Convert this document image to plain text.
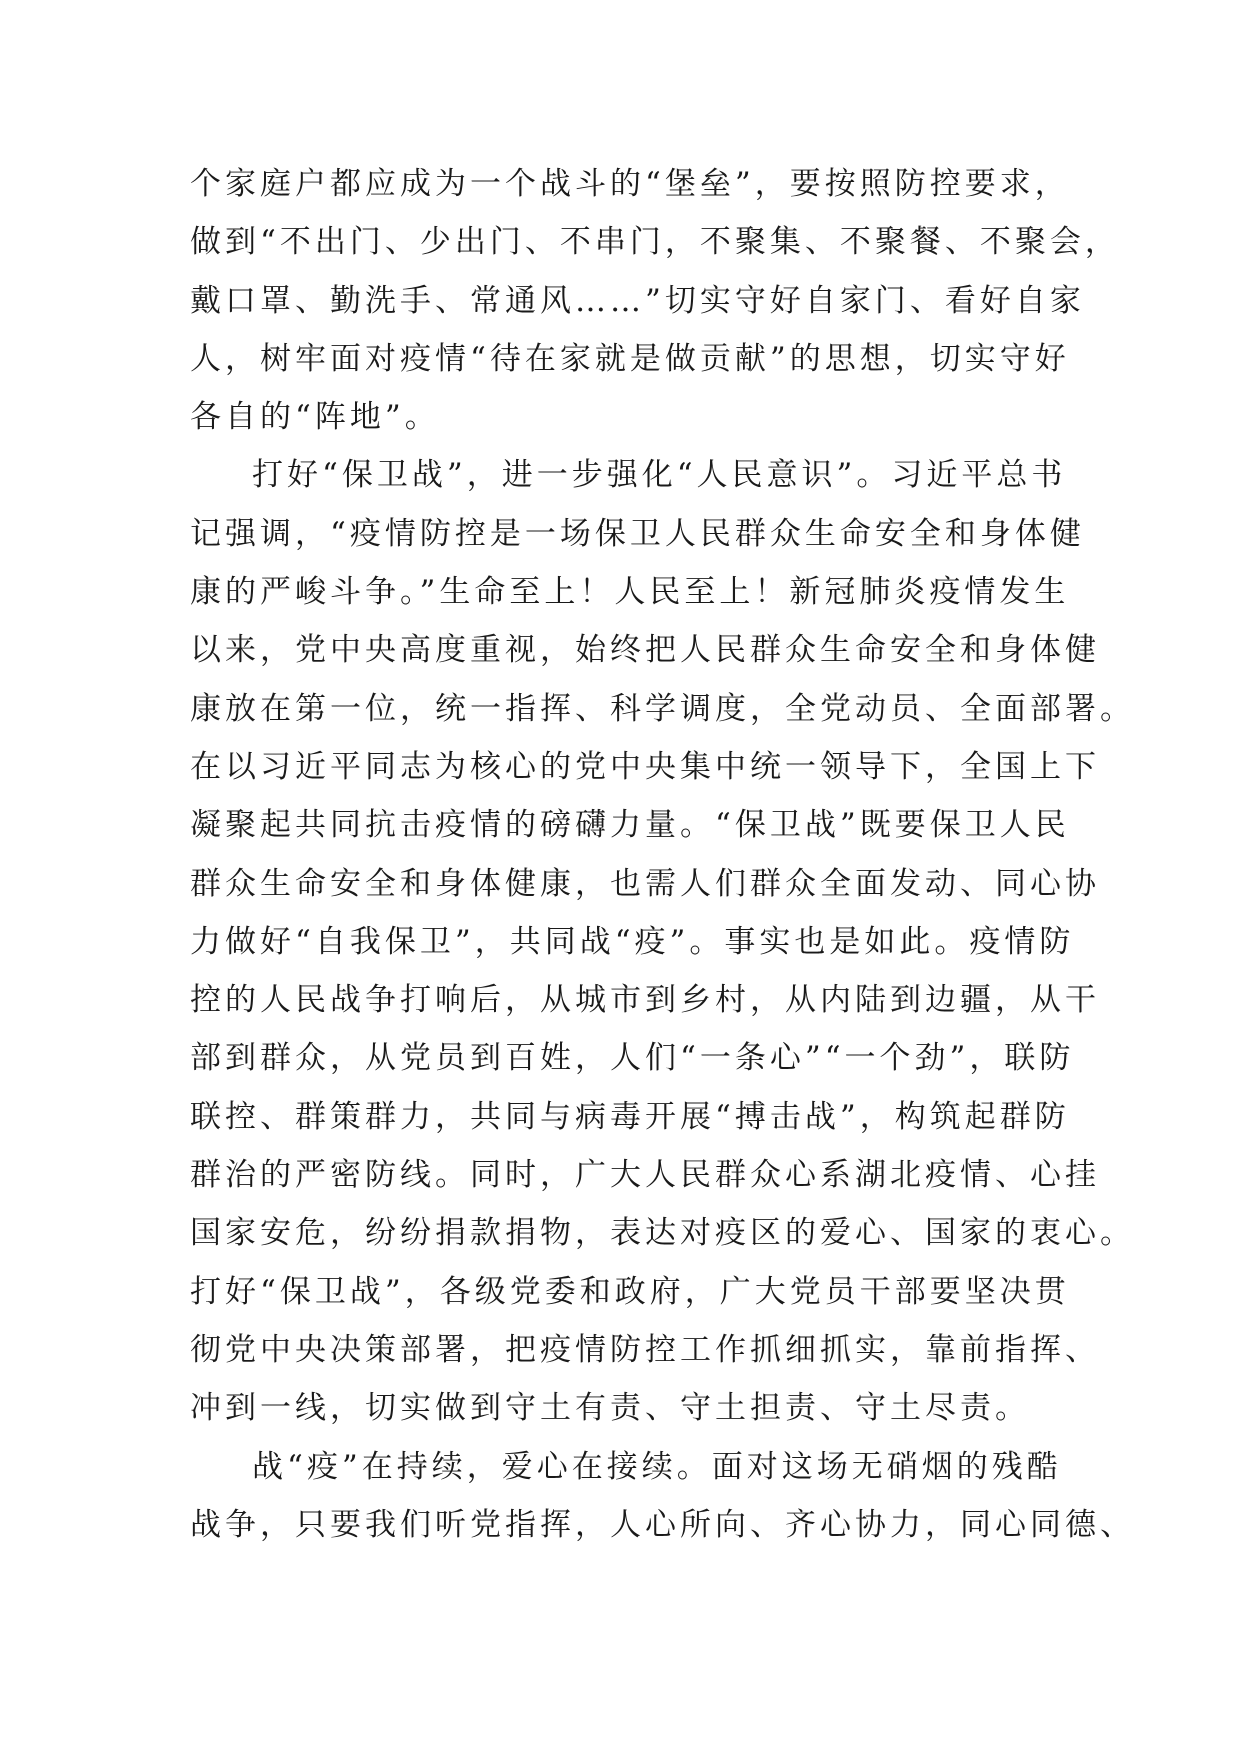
个家庭户都应成为一个战斗的“堡垒”，要按照防控要求，
做到“不出门、少出门、不串门，不聚集、不聚餐、不聚会，
戴口罩、勤洗手、常通风……”切实守好自家门、看好自家
人，树牢面对疫情“待在家就是做贡献”的思想，切实守好
各自的“阵地”。
打好“保卫战”，进一步强化“人民意识”。习近平总书
记强调，“疫情防控是一场保卫人民群众生命安全和身体健
康的严峻斗争。”生命至上！人民至上！新冠肺炎疫情发生
以来，党中央高度重视，始终把人民群众生命安全和身体健
康放在第一位，统一指挥、科学调度，全党动员、全面部署。
在以习近平同志为核心的党中央集中统一领导下，全国上下
凝聚起共同抗击疫情的磅礴力量。“保卫战”既要保卫人民
群众生命安全和身体健康，也需人们群众全面发动、同心协
力做好“自我保卫”，共同战“疫”。事实也是如此。疫情防
控的人民战争打响后，从城市到乡村，从内陆到边疆，从干
部到群众，从党员到百姓，人们“一条心”“一个劲”，联防
联控、群策群力，共同与病毒开展“搏击战”，构筑起群防
群治的严密防线。同时，广大人民群众心系湖北疫情、心挂
国家安危，纷纷捐款捐物，表达对疫区的爱心、国家的衷心。
打好“保卫战”，各级党委和政府，广大党员干部要坚决贯
彻党中央决策部署，把疫情防控工作抓细抓实，靠前指挥、
冲到一线，切实做到守土有责、守土担责、守土尽责。
战“疫”在持续，爱心在接续。面对这场无硝烟的残酷
战争，只要我们听党指挥，人心所向、齐心协力，同心同德、
